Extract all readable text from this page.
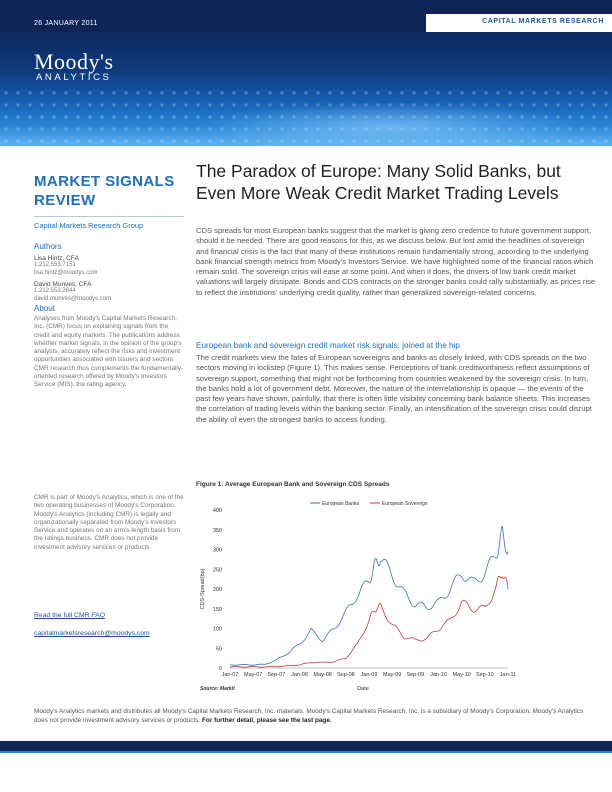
26 JANUARY 2011	CAPITAL MARKETS RESEARCH
Moody's
ANALYTICS
MARKET SIGNALS
REVIEW
Capital Markets Research Group
Authors
Lisa Hintz, CFA
1.212.553.7151
lisa.hintz@moodys.com
David Munves, CFA
1.212.553.2844
david.munves@moodys.com
About

Analyses from Moody's Capital Markets Research, Inc. (CMR) focus on explaining signals from the credit and equity markets. The publications address whether market signals, in the opinion of the group's analysts, accurately reflect the risks and investment opportunities associated with issuers and sectors. CMR research thus complements the fundamentally-oriented research offered by Moody's Investors Service (MIS), the rating agency.

CMR is part of Moody's Analytics, which is one of the two operating businesses of Moody's Corporation. Moody's Analytics (including CMR) is legally and organizationally separated from Moody's Investors Service and operates on an arm's-length basis from the ratings business. CMR does not provide investment advisory services or products.

Read the full CMR FAQ
capitalmarketsresearch@moodys.com
The Paradox of Europe: Many Solid Banks, but Even More Weak Credit Market Trading Levels

CDS spreads for most European banks suggest that the market is giving zero credence to future government support, should it be needed. There are good reasons for this, as we discuss below. But lost amid the headlines of sovereign and financial crisis is the fact that many of these institutions remain fundamentally strong, according to the underlying bank financial strength metrics from Moody's Investors Service. We have highlighted some of the financial ratios which remain solid. The sovereign crisis will ease at some point. And when it does, the drivers of low bank credit market valuations will largely dissipate. Bonds and CDS contracts on the stronger banks could rally substantially, as prices rise to reflect the institutions' underlying credit quality, rather than generalized sovereign-related concerns.

European bank and sovereign credit market risk signals: joined at the hip

The credit markets view the fates of European sovereigns and banks as closely linked, with CDS spreads on the two sectors moving in lockstep (Figure 1). This makes sense. Perceptions of bank creditworthiness reflect assumptions of sovereign support, something that might not be forthcoming from countries weakened by the sovereign crisis. In turn, the banks hold a lot of government debt. Moreover, the nature of the interrelationship is opaque — the events of the past few years have shown, painfully, that there is often little visibility concerning bank balance sheets. This increases the correlation of trading levels within the banking sector. Finally, an intensification of the sovereign crisis could disrupt the ability of even the strongest banks to access funding.

Figure 1: Average European Bank and Sovereign CDS Spreads
0
50
100
150
200
250
300
350
400
Jan-07 May-07 Sep-07 Jan-08 May-08 Sep-08 Jan-09 May-09 Sep-09 Jan-10 May-10 Sep-10 Jan-11
CDS-Spread(bp)
Date
Source: Markit
European Banks	European Sovereign
Moody's Analytics markets and distributes all Moody's Capital Markets Research, Inc. materials. Moody's Capital Markets Research, Inc. is a subsidiary of Moody's Corporation. Moody's Analytics does not provide investment advisory services or products. For further detail, please see the last page.
